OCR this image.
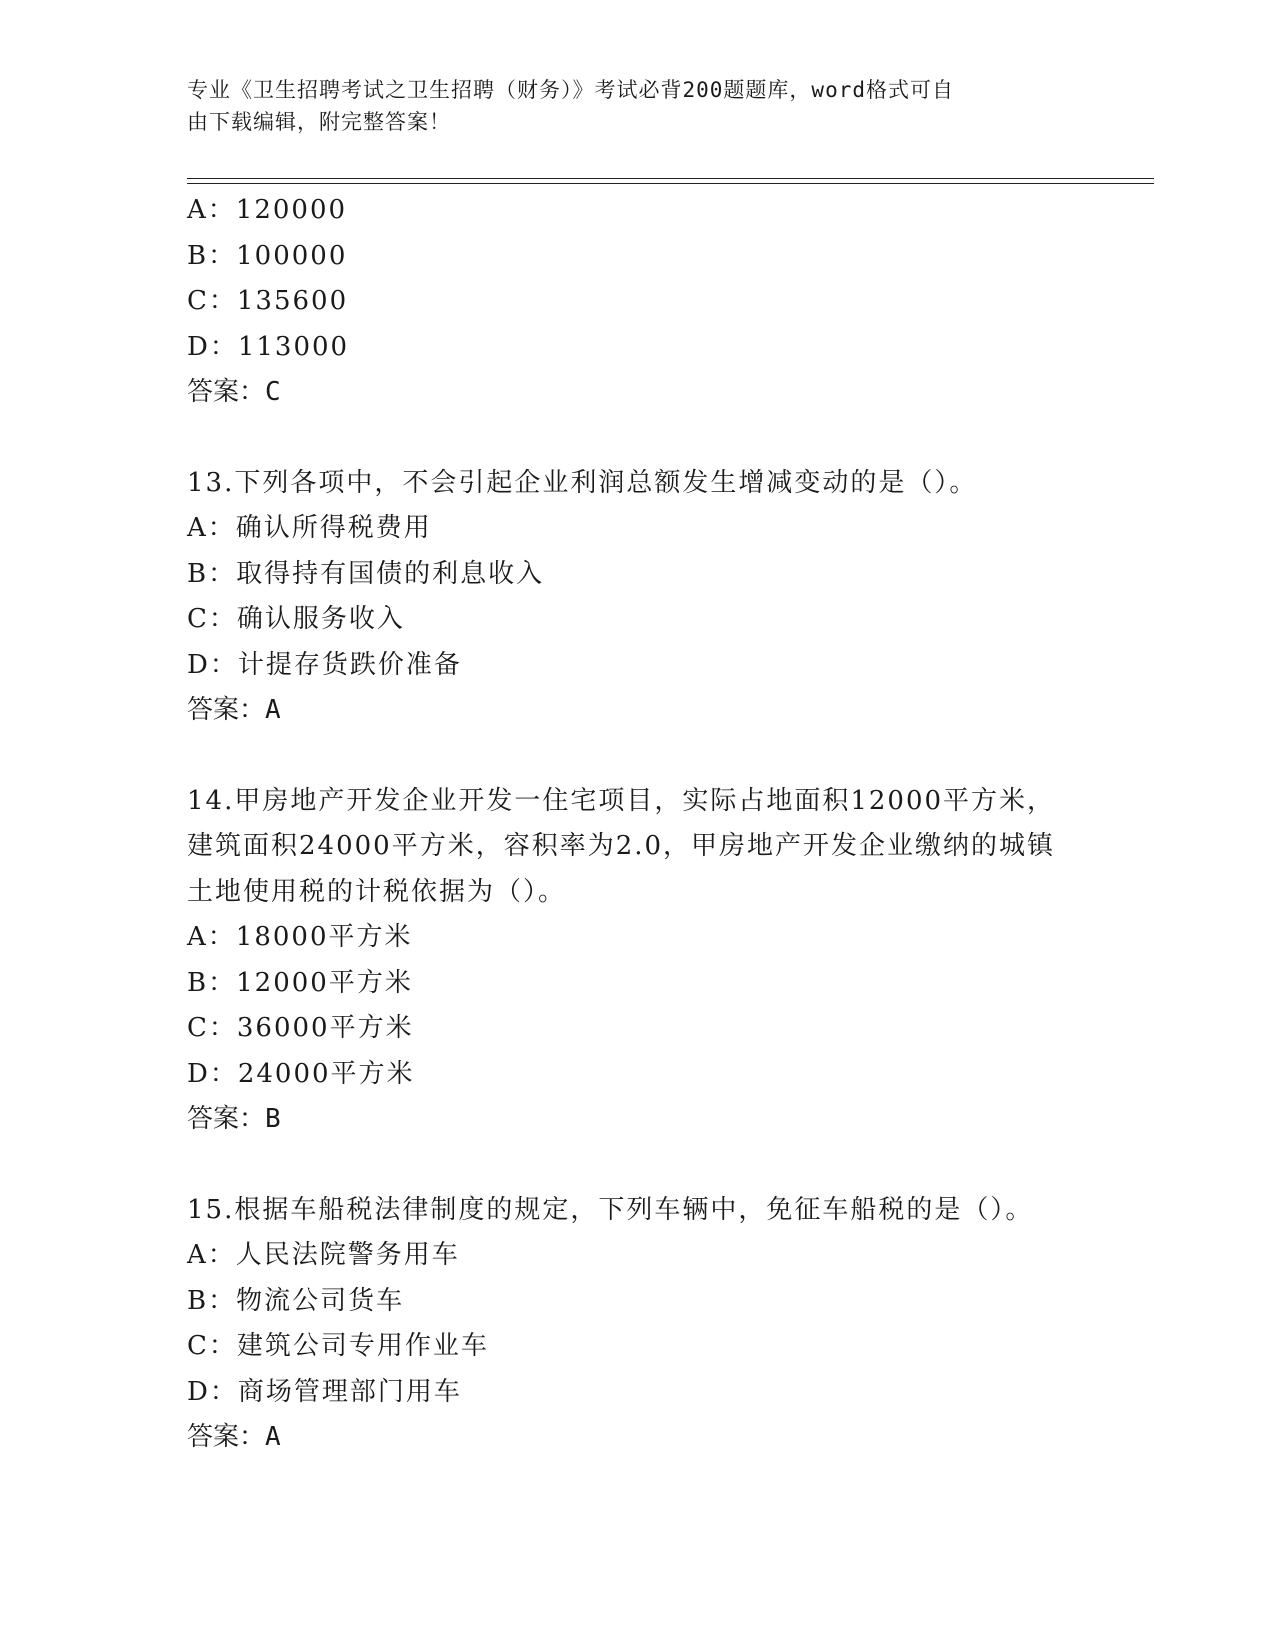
专业《卫生招聘考试之卫生招聘（财务）》考试必背200题题库，word格式可自
由下载编辑，附完整答案！
A：120000
B：100000
C：135600
D：113000
答案：C
13.下列各项中，不会引起企业利润总额发生增减变动的是（）。
A：确认所得税费用
B：取得持有国债的利息收入
C：确认服务收入
D：计提存货跌价准备
答案：A
14.甲房地产开发企业开发一住宅项目，实际占地面积12000平方米，
建筑面积24000平方米，容积率为2.0，甲房地产开发企业缴纳的城镇
土地使用税的计税依据为（）。
A：18000平方米
B：12000平方米
C：36000平方米
D：24000平方米
答案：B
15.根据车船税法律制度的规定，下列车辆中，免征车船税的是（）。
A：人民法院警务用车
B：物流公司货车
C：建筑公司专用作业车
D：商场管理部门用车
答案：A
